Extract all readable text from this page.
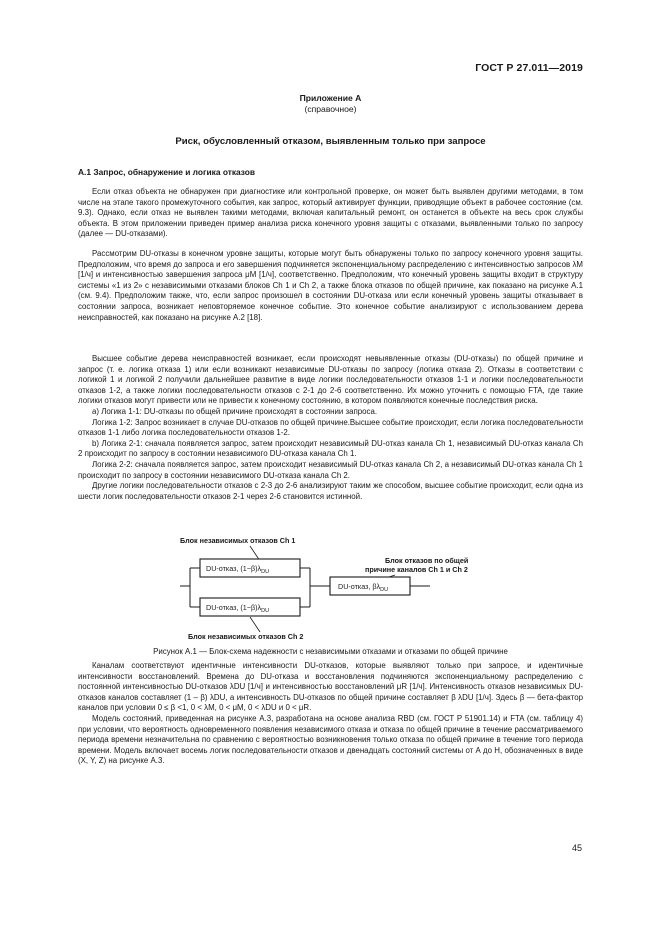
ГОСТ Р 27.011—2019
Приложение А
(справочное)
Риск, обусловленный отказом, выявленным только при запросе
А.1 Запрос, обнаружение и логика отказов

Если отказ объекта не обнаружен при диагностике или контрольной проверке, он может быть выявлен другими методами, в том числе на этапе такого промежуточного события, как запрос, который активирует функции, приводящие объект в рабочее состояние (см. 9.3). Однако, если отказ не выявлен такими методами, включая капитальный ремонт, он останется в объекте на весь срок службы объекта. В этом приложении приведен пример анализа риска конечного уровня защиты с отказами, выявленными только по запросу (далее — DU-отказами).

Рассмотрим DU-отказы в конечном уровне защиты, которые могут быть обнаружены только по запросу конечного уровня защиты. Предположим, что время до запроса и его завершения подчиняется экспоненциальному распределению с интенсивностью запросов λM [1/ч] и интенсивностью завершения запроса μM [1/ч], соответственно. Предположим, что конечный уровень защиты входит в структуру системы «1 из 2» с независимыми отказами блоков Ch 1 и Ch 2, а также блока отказов по общей причине, как показано на рисунке А.1 (см. 9.4). Предположим также, что, если запрос произошел в состоянии DU-отказа или если конечный уровень защиты отказывает в состоянии запроса, возникает неповторяемое конечное событие. Это конечное событие анализируют с использованием дерева неисправностей, как показано на рисунке А.2 [18].

Высшее событие дерева неисправностей возникает, если происходят невыявленные отказы (DU-отказы) по общей причине и запрос (т. е. логика отказа 1) или если возникают независимые DU-отказы по запросу (логика отказа 2). Отказы в соответствии с логикой 1 и логикой 2 получили дальнейшее развитие в виде логики последовательности отказов 1-1 и логики последовательности отказов 1-2, а также логики последовательности отказов с 2-1 до 2-6 соответственно. Их можно уточнить с помощью FTA, где такие логики отказов могут привести или не привести к конечному состоянию, в котором появляются конечные последствия риска.

а) Логика 1-1: DU-отказы по общей причине происходят в состоянии запроса.

Логика 1-2: Запрос возникает в случае DU-отказов по общей причине.Высшее событие происходит, если логика последовательности отказов 1-1 либо логика последовательности отказов 1-2.

b) Логика 2-1: сначала появляется запрос, затем происходит независимый DU-отказ канала Ch 1, независимый DU-отказ канала Ch 2 происходит по запросу в состоянии независимого DU-отказа канала Ch 1.

Логика 2-2: сначала появляется запрос, затем происходит независимый DU-отказ канала Ch 2, а независимый DU-отказ канала Ch 1 происходит по запросу в состоянии независимого DU-отказа канала Ch 2.

Другие логики последовательности отказов с 2-3 до 2-6 анализируют таким же способом, высшее событие происходит, если одна из шести логик последовательности отказов 2-1 через 2-6 становится истинной.

Блок независимых отказов Ch 1
Блок отказов по общей
причине каналов Ch 1 и Ch 2
DU-отказ, $(1-\beta)\lambda_{DU}$
DU-отказ, $(1-\beta)\lambda_{DU}$
DU-отказ, $\beta\lambda_{DU}$
Блок независимых отказов Ch 2
Рисунок А.1 — Блок-схема надежности с независимыми отказами и отказами по общей причине

Каналам соответствуют идентичные интенсивности DU-отказов, которые выявляют только при запросе, и идентичные интенсивности восстановлений. Времена до DU-отказа и восстановления подчиняются экспоненциальному распределению с постоянной интенсивностью DU-отказов λDU [1/ч] и интенсивностью восстановлений μR [1/ч]. Интенсивность отказов независимых DU-отказов каналов составляет (1 – β) λDU, а интенсивность DU-отказов по общей причине составляет β λDU [1/ч]. Здесь β — бета-фактор каналов при условии 0 ≤ β <1, 0 < λM, 0 < μM, 0 < λDU и 0 < μR.

Модель состояний, приведенная на рисунке А.3, разработана на основе анализа RBD (см. ГОСТ Р 51901.14) и FTA (см. таблицу 4) при условии, что вероятность одновременного появления независимого отказа и отказа по общей причине в течение рассматриваемого периода времени незначительна по сравнению с вероятностью возникновения только отказа по общей причине в течение того периода времени. Модель включает восемь логик последовательности отказов и двенадцать состояний системы от А до Н, обозначенных в виде (X, Y, Z) на рисунке А.3.

45
